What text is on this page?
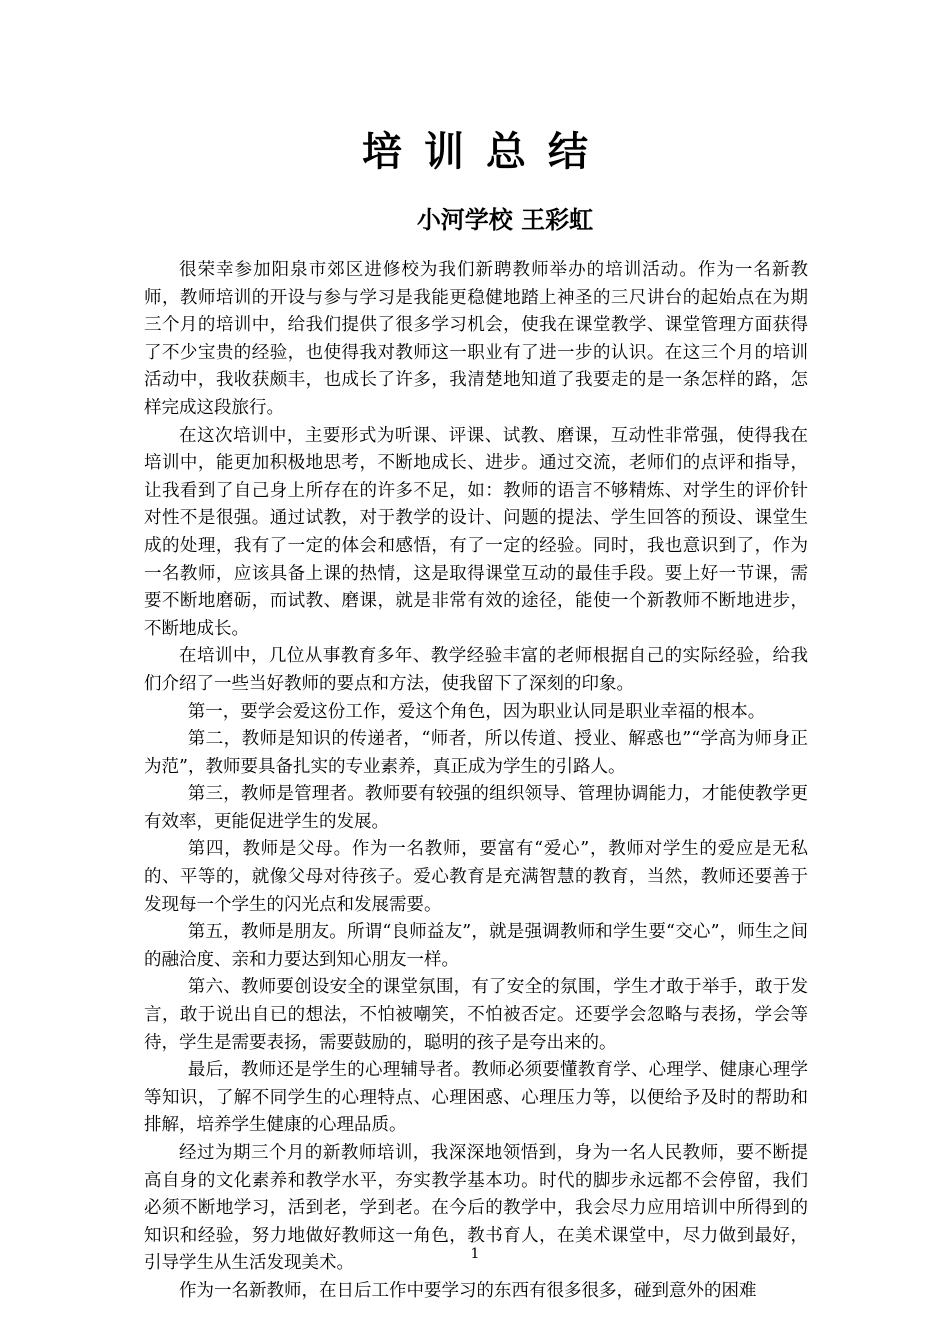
培训总结
小河学校 王彩虹

很荣幸参加阳泉市郊区进修校为我们新聘教师举办的培训活动。作为一名新教师，教师培训的开设与参与学习是我能更稳健地踏上神圣的三尺讲台的起始点在为期三个月的培训中，给我们提供了很多学习机会，使我在课堂教学、课堂管理方面获得了不少宝贵的经验，也使得我对教师这一职业有了进一步的认识。在这三个月的培训活动中，我收获颇丰，也成长了许多，我清楚地知道了我要走的是一条怎样的路，怎样完成这段旅行。

在这次培训中，主要形式为听课、评课、试教、磨课，互动性非常强，使得我在培训中，能更加积极地思考，不断地成长、进步。通过交流，老师们的点评和指导，让我看到了自己身上所存在的许多不足，如：教师的语言不够精炼、对学生的评价针对性不是很强。通过试教，对于教学的设计、问题的提法、学生回答的预设、课堂生成的处理，我有了一定的体会和感悟，有了一定的经验。同时，我也意识到了，作为一名教师，应该具备上课的热情，这是取得课堂互动的最佳手段。要上好一节课，需要不断地磨砺，而试教、磨课，就是非常有效的途径，能使一个新教师不断地进步，不断地成长。

在培训中，几位从事教育多年、教学经验丰富的老师根据自己的实际经验，给我们介绍了一些当好教师的要点和方法，使我留下了深刻的印象。

第一，要学会爱这份工作，爱这个角色，因为职业认同是职业幸福的根本。

第二，教师是知识的传递者，“师者，所以传道、授业、解惑也”“学高为师身正为范”，教师要具备扎实的专业素养，真正成为学生的引路人。

第三，教师是管理者。教师要有较强的组织领导、管理协调能力，才能使教学更有效率，更能促进学生的发展。

第四，教师是父母。作为一名教师，要富有“爱心”，教师对学生的爱应是无私的、平等的，就像父母对待孩子。爱心教育是充满智慧的教育，当然，教师还要善于发现每一个学生的闪光点和发展需要。

第五，教师是朋友。所谓“良师益友”，就是强调教师和学生要“交心”，师生之间的融洽度、亲和力要达到知心朋友一样。

第六、教师要创设安全的课堂氛围，有了安全的氛围，学生才敢于举手，敢于发言，敢于说出自已的想法，不怕被嘲笑，不怕被否定。还要学会忽略与表扬，学会等待，学生是需要表扬，需要鼓励的，聪明的孩子是夸出来的。

最后，教师还是学生的心理辅导者。教师必须要懂教育学、心理学、健康心理学等知识，了解不同学生的心理特点、心理困惑、心理压力等，以便给予及时的帮助和排解，培养学生健康的心理品质。

经过为期三个月的新教师培训，我深深地领悟到，身为一名人民教师，要不断提高自身的文化素养和教学水平，夯实教学基本功。时代的脚步永远都不会停留，我们必须不断地学习，活到老，学到老。在今后的教学中，我会尽力应用培训中所得到的知识和经验，努力地做好教师这一角色，教书育人，在美术课堂中，尽力做到最好，引导学生从生活发现美术。

作为一名新教师，在日后工作中要学习的东西有很多很多，碰到意外的困难

1
